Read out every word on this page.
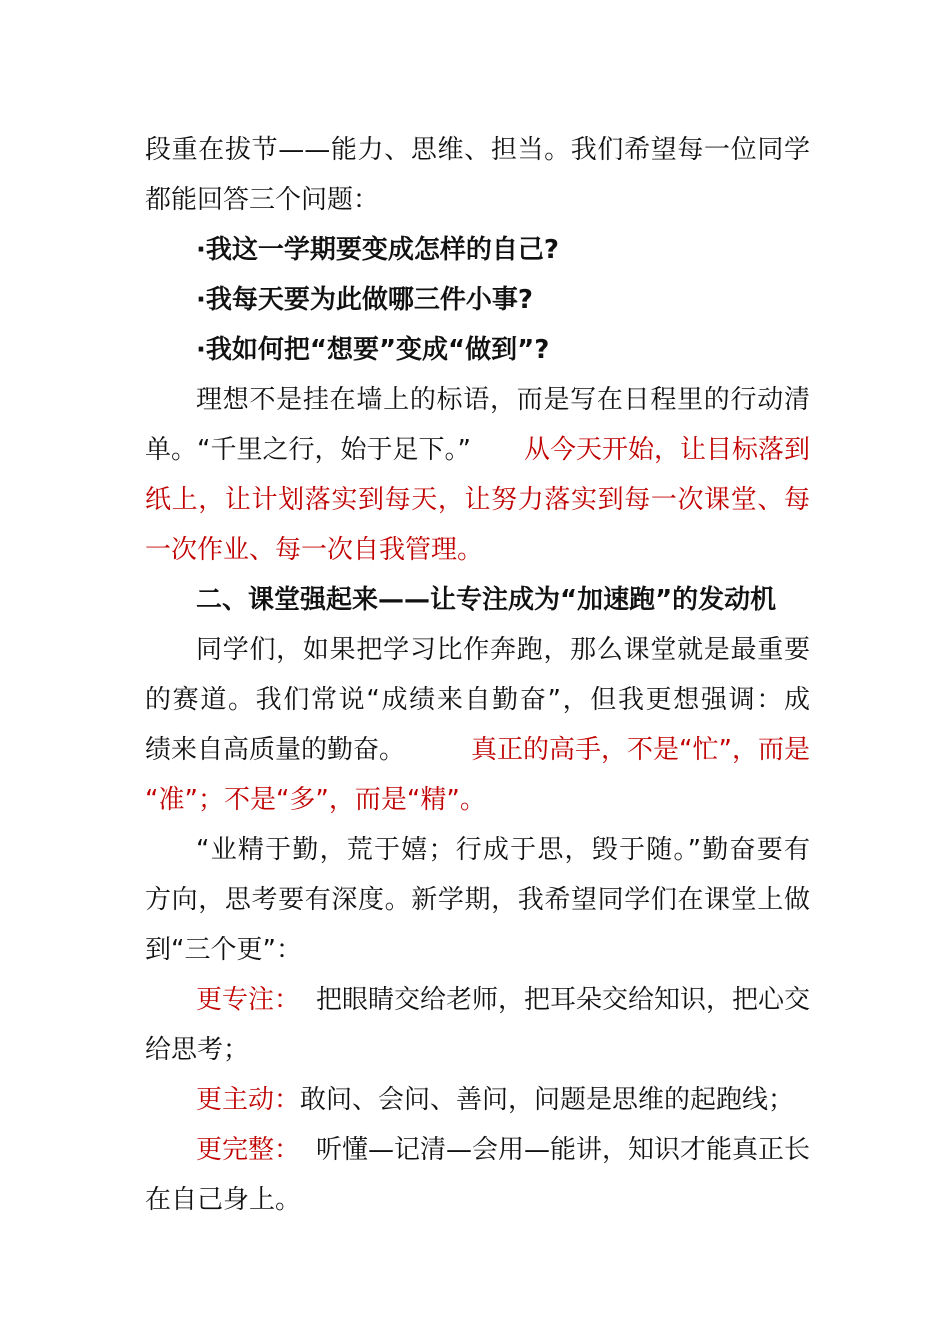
段重在拔节——能力、思维、担当。我们希望每一位同学
都能回答三个问题：
·我这一学期要变成怎样的自己?
·我每天要为此做哪三件小事?
·我如何把“想要”变成“做到”?
理想不是挂在墙上的标语，而是写在日程里的行动清
单。“千里之行，始于足下。” 从今天开始，让目标落到
纸上，让计划落实到每天，让努力落实到每一次课堂、每
一次作业、每一次自我管理。
二、课堂强起来——让专注成为“加速跑”的发动机
同学们，如果把学习比作奔跑，那么课堂就是最重要
的赛道。我们常说“成绩来自勤奋”，但我更想强调：成
绩来自高质量的勤奋。	真正的高手，不是“忙”，而是
“准”；不是“多”，而是“精”。
“业精于勤，荒于嬉；行成于思，毁于随。”勤奋要有
方向，思考要有深度。新学期，我希望同学们在课堂上做
到“三个更”：
更专注： 把眼睛交给老师，把耳朵交给知识，把心交
给思考；
更主动：敢问、会问、善问，问题是思维的起跑线；
更完整： 听懂—记清—会用—能讲，知识才能真正长
在自己身上。
